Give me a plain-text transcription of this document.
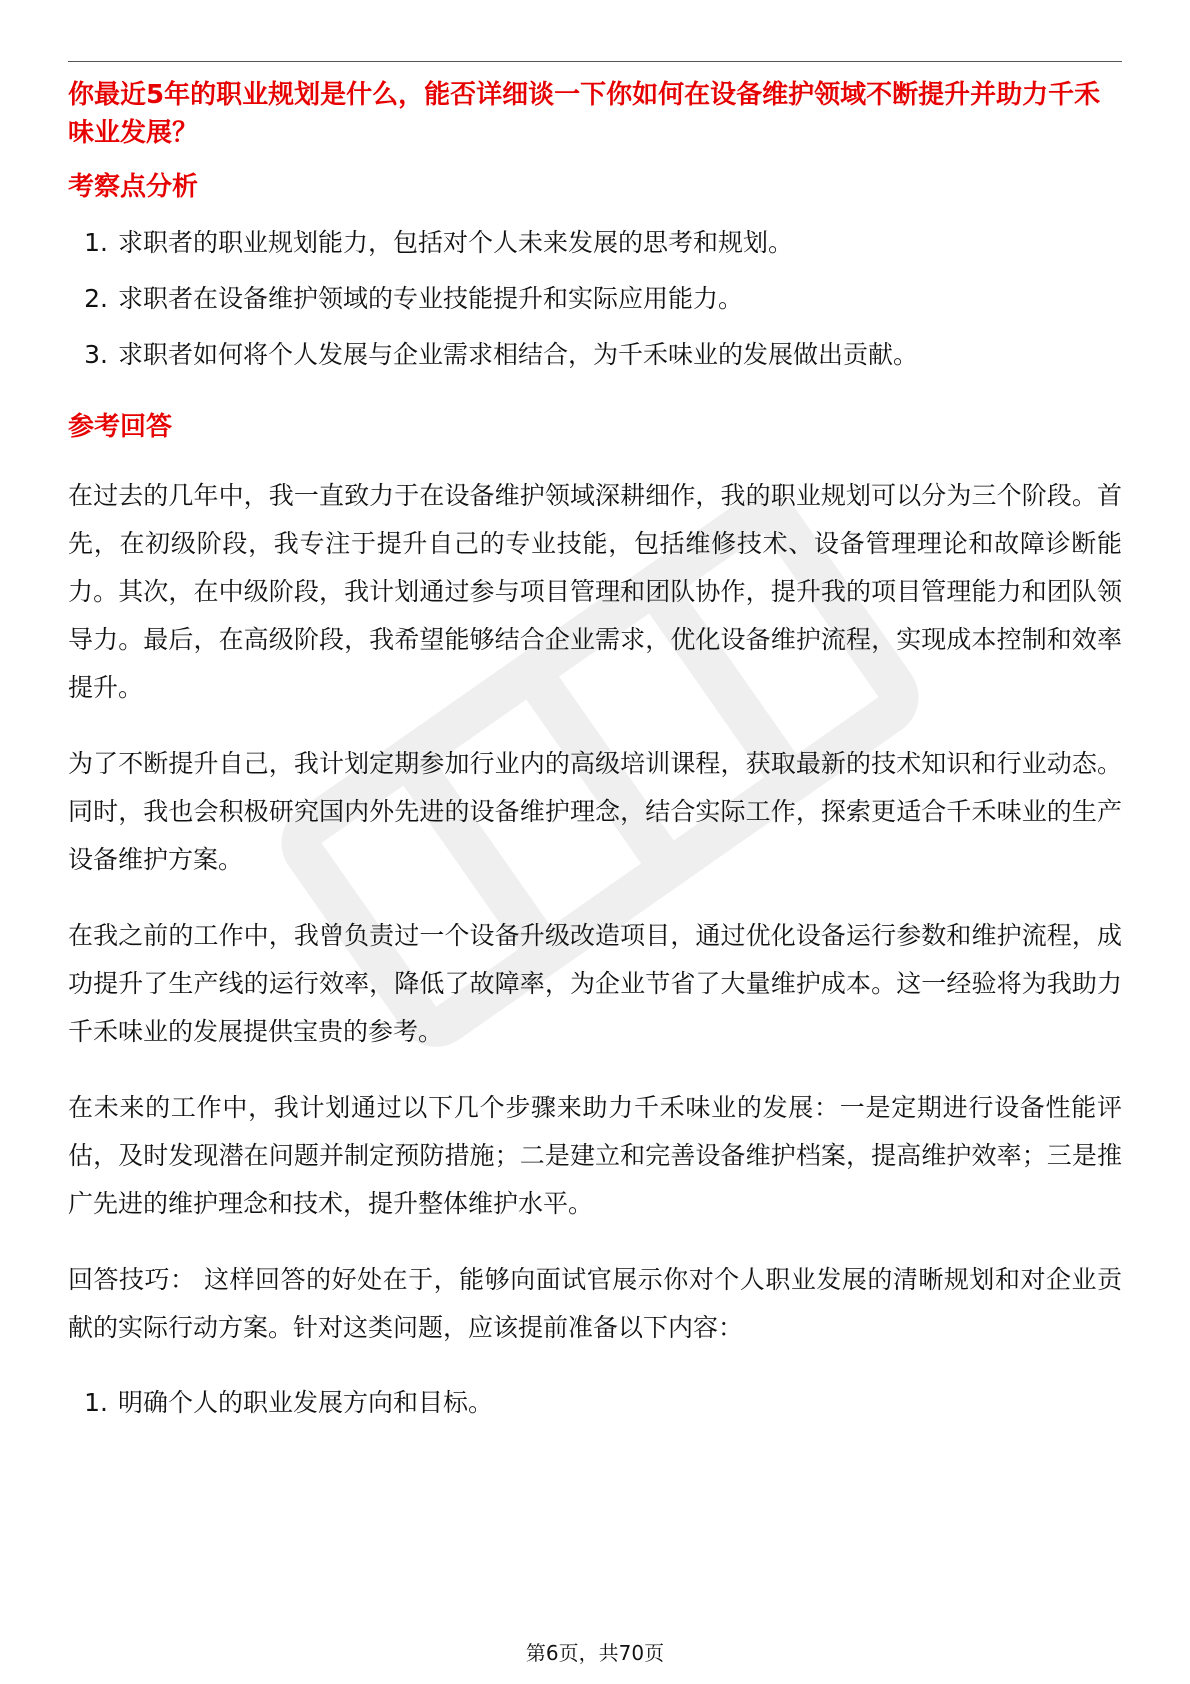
你最近5年的职业规划是什么，能否详细谈一下你如何在设备维护领域不断提升并助力千禾味业发展？
考察点分析
1. 求职者的职业规划能力，包括对个人未来发展的思考和规划。
2. 求职者在设备维护领域的专业技能提升和实际应用能力。
3. 求职者如何将个人发展与企业需求相结合，为千禾味业的发展做出贡献。
参考回答

在过去的几年中，我一直致力于在设备维护领域深耕细作，我的职业规划可以分为三个阶段。首先，在初级阶段，我专注于提升自己的专业技能，包括维修技术、设备管理理论和故障诊断能力。其次，在中级阶段，我计划通过参与项目管理和团队协作，提升我的项目管理能力和团队领导力。最后，在高级阶段，我希望能够结合企业需求，优化设备维护流程，实现成本控制和效率提升。

为了不断提升自己，我计划定期参加行业内的高级培训课程，获取最新的技术知识和行业动态。同时，我也会积极研究国内外先进的设备维护理念，结合实际工作，探索更适合千禾味业的生产设备维护方案。

在我之前的工作中，我曾负责过一个设备升级改造项目，通过优化设备运行参数和维护流程，成功提升了生产线的运行效率，降低了故障率，为企业节省了大量维护成本。这一经验将为我助力千禾味业的发展提供宝贵的参考。

在未来的工作中，我计划通过以下几个步骤来助力千禾味业的发展：一是定期进行设备性能评估，及时发现潜在问题并制定预防措施；二是建立和完善设备维护档案，提高维护效率；三是推广先进的维护理念和技术，提升整体维护水平。

回答技巧： 这样回答的好处在于，能够向面试官展示你对个人职业发展的清晰规划和对企业贡献的实际行动方案。针对这类问题，应该提前准备以下内容：

1. 明确个人的职业发展方向和目标。
第6页，共70页
